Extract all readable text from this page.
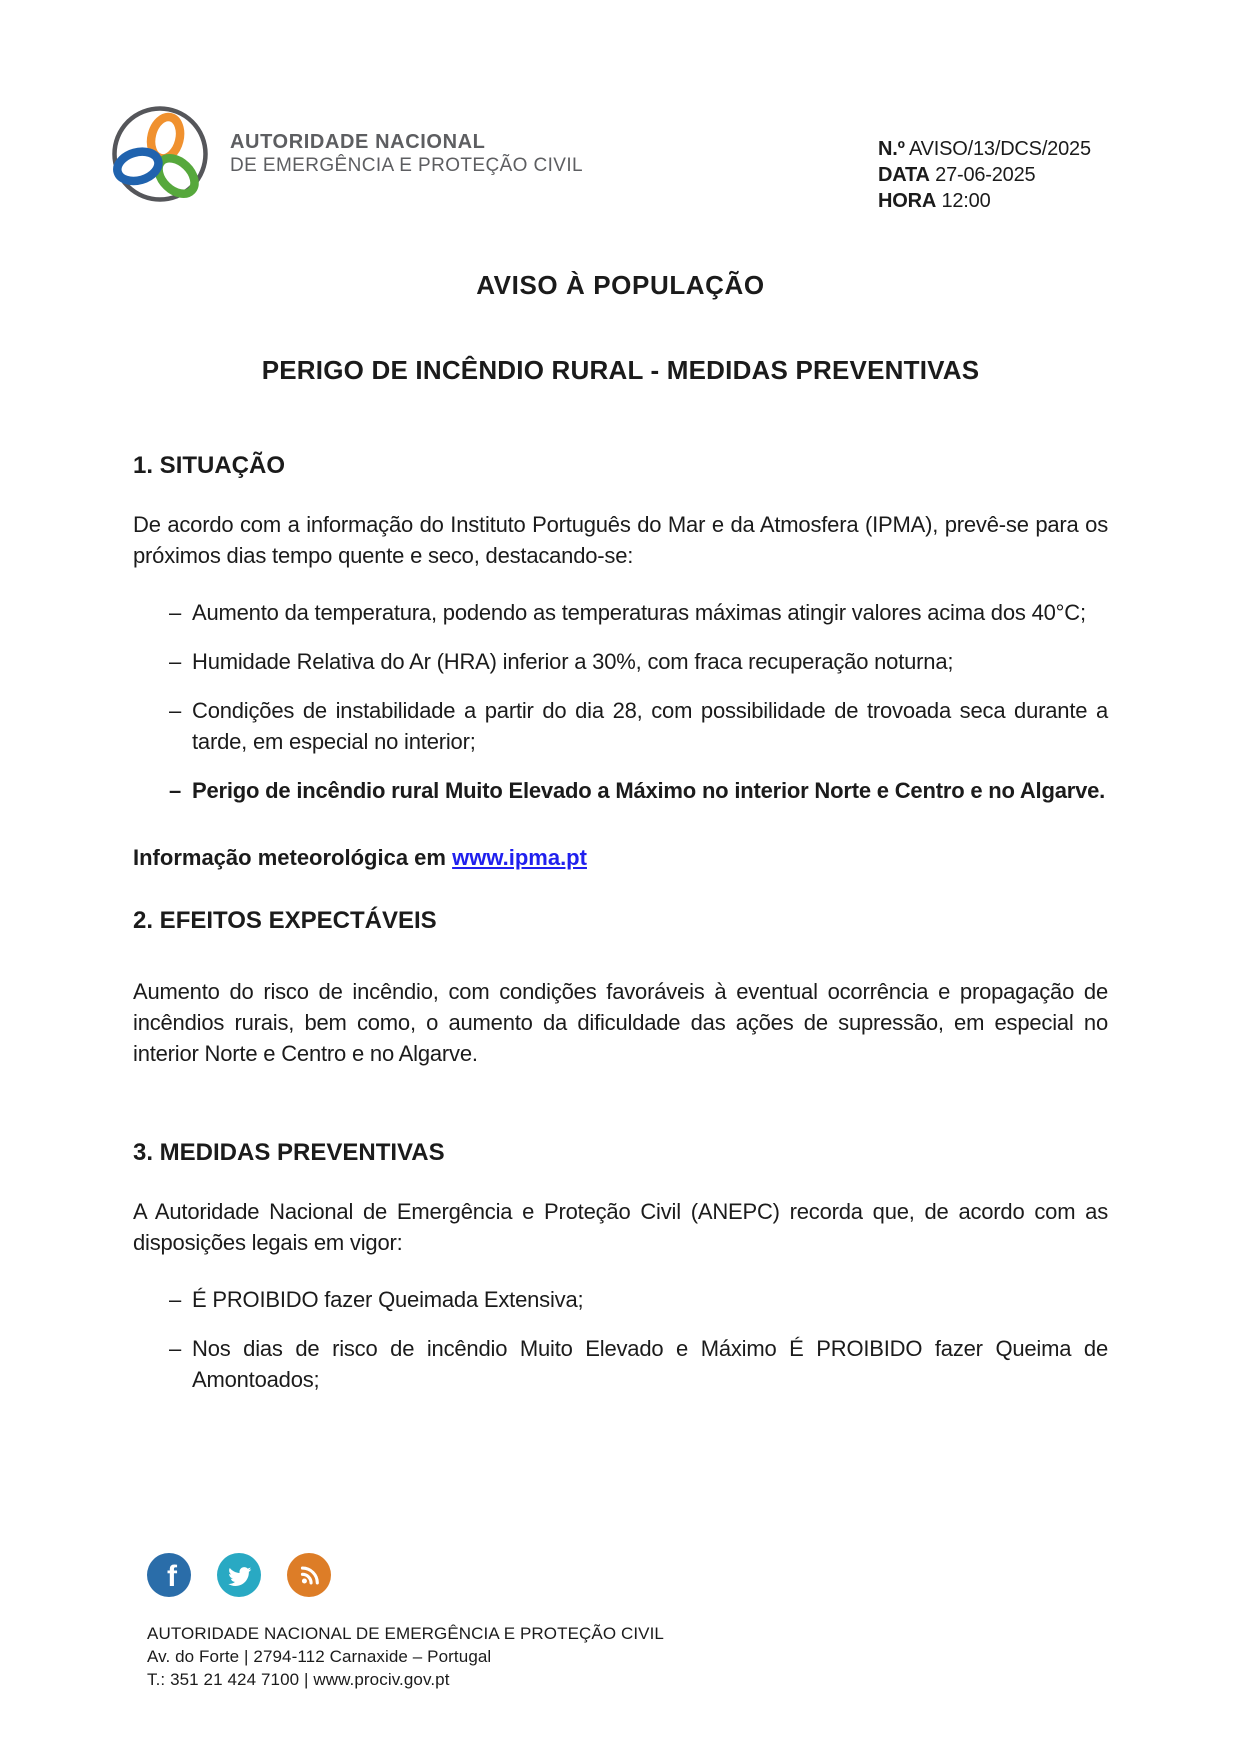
AUTORIDADE NACIONAL
DE EMERGÊNCIA E PROTEÇÃO CIVIL
N.º AVISO/13/DCS/2025
DATA 27-06-2025
HORA 12:00
AVISO À POPULAÇÃO
PERIGO DE INCÊNDIO RURAL - MEDIDAS PREVENTIVAS
1. SITUAÇÃO

De acordo com a informação do Instituto Português do Mar e da Atmosfera (IPMA), prevê-se para os próximos dias tempo quente e seco, destacando-se:

– Aumento da temperatura, podendo as temperaturas máximas atingir valores acima dos 40°C;
– Humidade Relativa do Ar (HRA) inferior a 30%, com fraca recuperação noturna;
– Condições de instabilidade a partir do dia 28, com possibilidade de trovoada seca durante a tarde, em especial no interior;
– Perigo de incêndio rural Muito Elevado a Máximo no interior Norte e Centro e no Algarve.
Informação meteorológica em www.ipma.pt
2. EFEITOS EXPECTÁVEIS

Aumento do risco de incêndio, com condições favoráveis à eventual ocorrência e propagação de incêndios rurais, bem como, o aumento da dificuldade das ações de supressão, em especial no interior Norte e Centro e no Algarve.

3. MEDIDAS PREVENTIVAS

A Autoridade Nacional de Emergência e Proteção Civil (ANEPC) recorda que, de acordo com as disposições legais em vigor:

– É PROIBIDO fazer Queimada Extensiva;
– Nos dias de risco de incêndio Muito Elevado e Máximo É PROIBIDO fazer Queima de Amontoados;
f
AUTORIDADE NACIONAL DE EMERGÊNCIA E PROTEÇÃO CIVIL
Av. do Forte | 2794-112 Carnaxide – Portugal
T.: 351 21 424 7100 | www.prociv.gov.pt
